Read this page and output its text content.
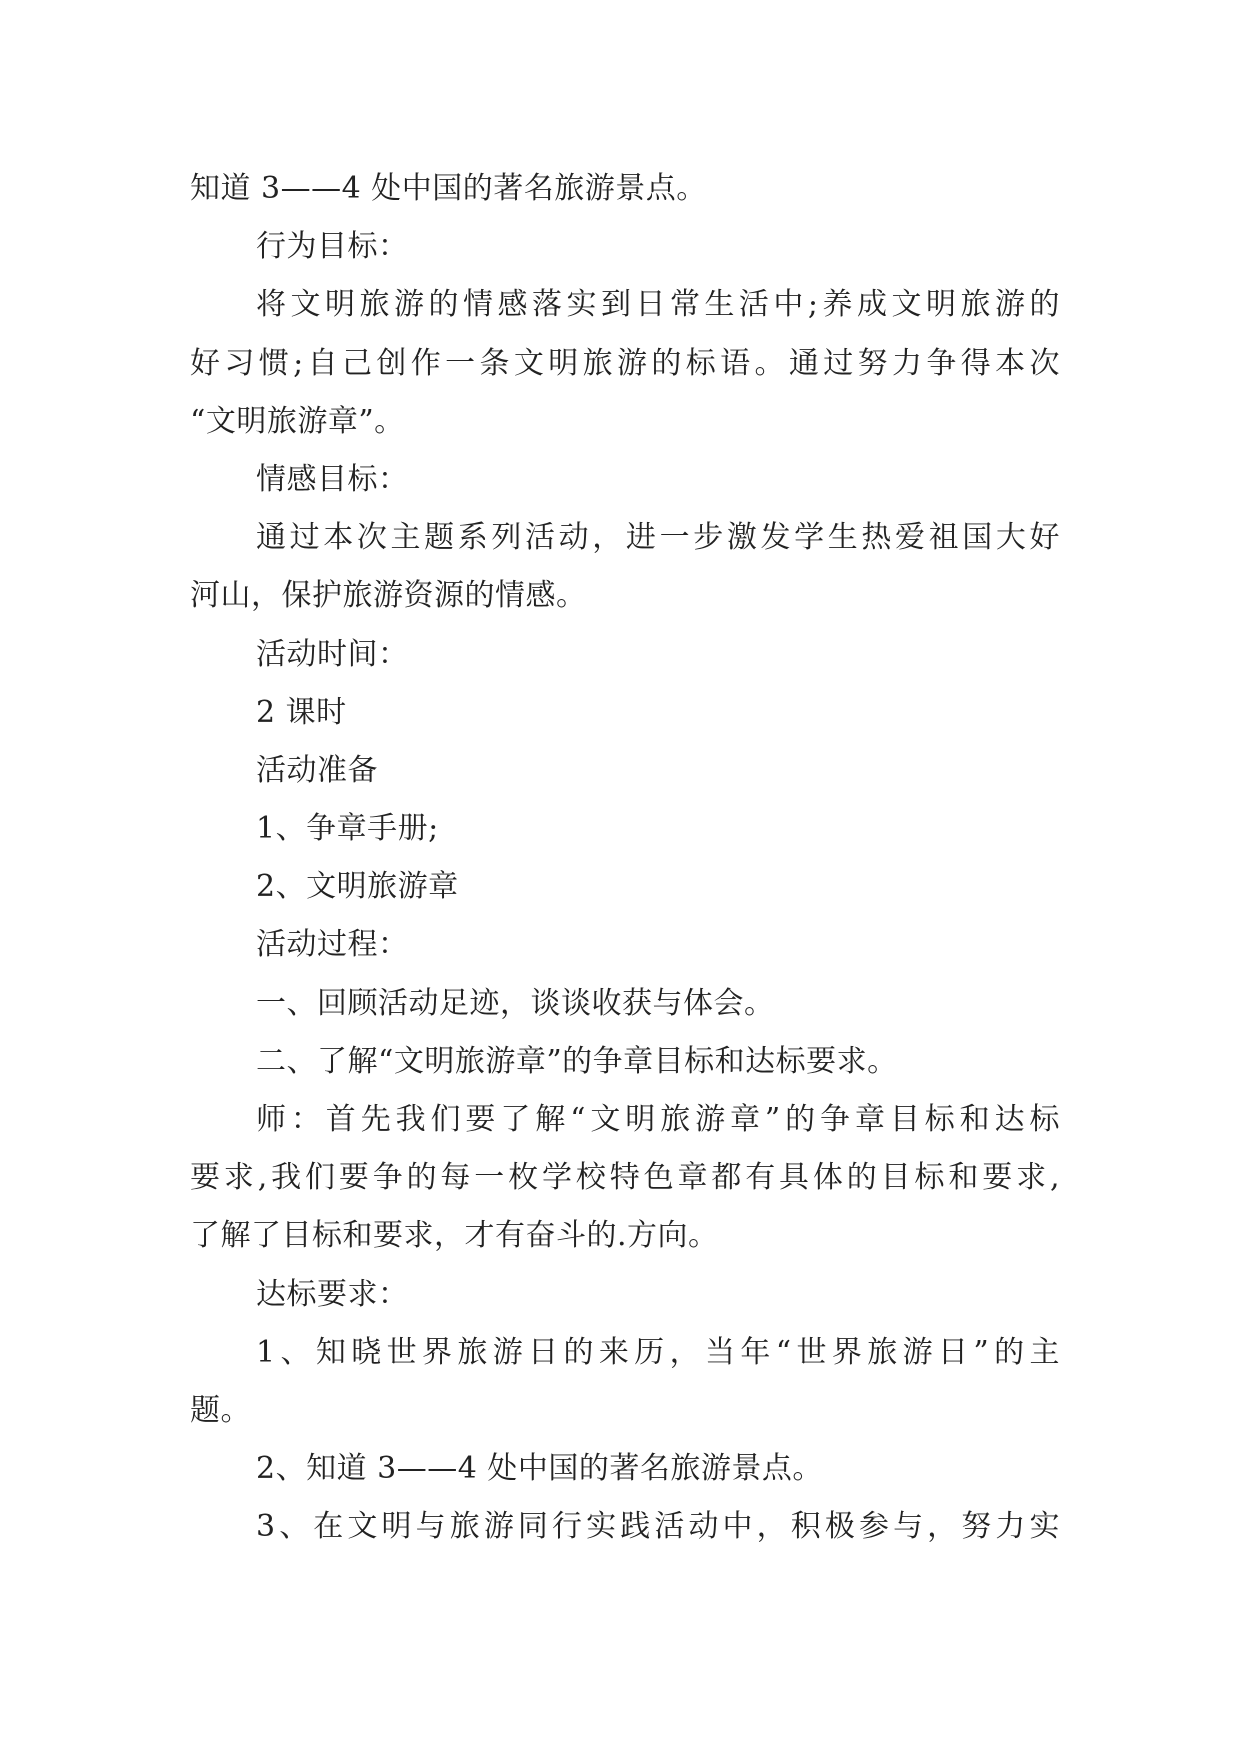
知道 3——4 处中国的著名旅游景点。
行为目标：
将文明旅游的情感落实到日常生活中;养成文明旅游的
好习惯;自己创作一条文明旅游的标语。通过努力争得本次
“文明旅游章”。
情感目标：
通过本次主题系列活动，进一步激发学生热爱祖国大好
河山，保护旅游资源的情感。
活动时间：
2 课时
活动准备
1、争章手册;
2、文明旅游章
活动过程：
一、回顾活动足迹，谈谈收获与体会。
二、了解“文明旅游章”的争章目标和达标要求。
师：首先我们要了解“文明旅游章”的争章目标和达标
要求,我们要争的每一枚学校特色章都有具体的目标和要求,
了解了目标和要求，才有奋斗的.方向。
达标要求：
1、知晓世界旅游日的来历，当年“世界旅游日”的主
题。
2、知道 3——4 处中国的著名旅游景点。
3、在文明与旅游同行实践活动中，积极参与，努力实
